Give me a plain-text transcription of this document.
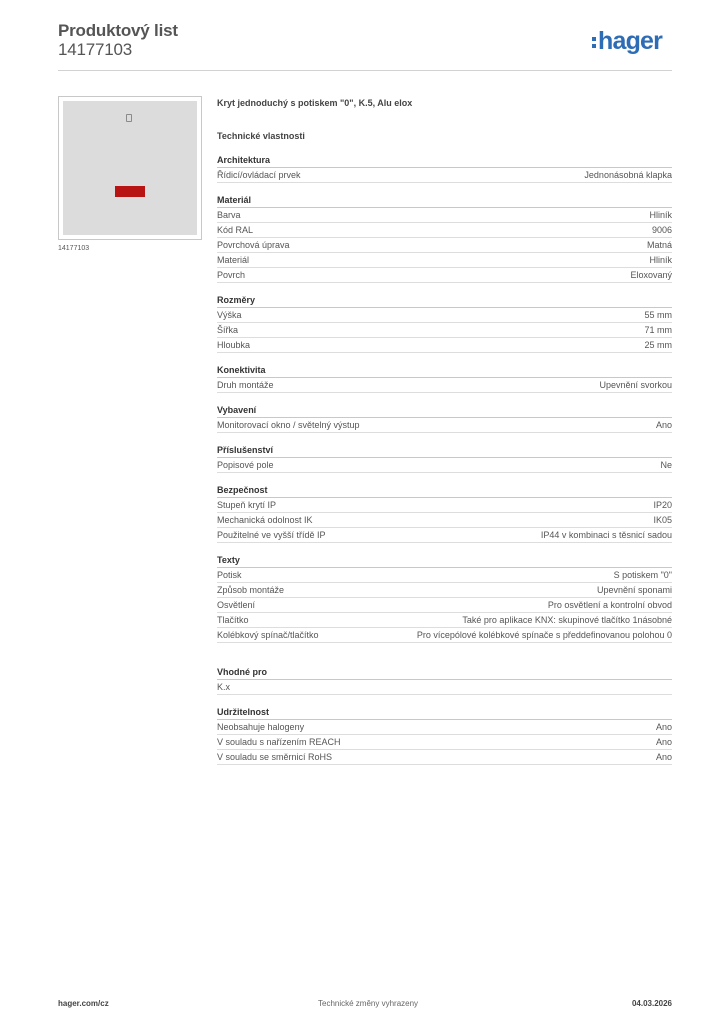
Produktový list
14177103	hager
14177103
Kryt jednoduchý s potiskem "0", K.5, Alu elox
Technické vlastnosti
Architektura
Řídicí/ovládací prvek	Jednonásobná klapka
Materiál
Barva	Hliník
Kód RAL	9006
Povrchová úprava	Matná
Materiál	Hliník
Povrch	Eloxovaný
Rozměry
Výška	55 mm
Šířka	71 mm
Hloubka	25 mm
Konektivita
Druh montáže	Upevnění svorkou
Vybavení
Monitorovací okno / světelný výstup	Ano
Příslušenství
Popisové pole	Ne
Bezpečnost
Stupeň krytí IP	IP20
Mechanická odolnost IK	IK05
Použitelné ve vyšší třídě IP	IP44 v kombinaci s těsnicí sadou
Texty
Potisk	S potiskem "0"
Způsob montáže	Upevnění sponami
Osvětlení	Pro osvětlení a kontrolní obvod
Tlačítko	Také pro aplikace KNX: skupinové tlačítko 1násobné
Kolébkový spínač/tlačítko	Pro vícepólové kolébkové spínače s předdefinovanou polohou 0
Vhodné pro
K.x
Udržitelnost
Neobsahuje halogeny	Ano
V souladu s nařízením REACH	Ano
V souladu se směrnicí RoHS	Ano
hager.com/cz	Technické změny vyhrazeny	04.03.2026
